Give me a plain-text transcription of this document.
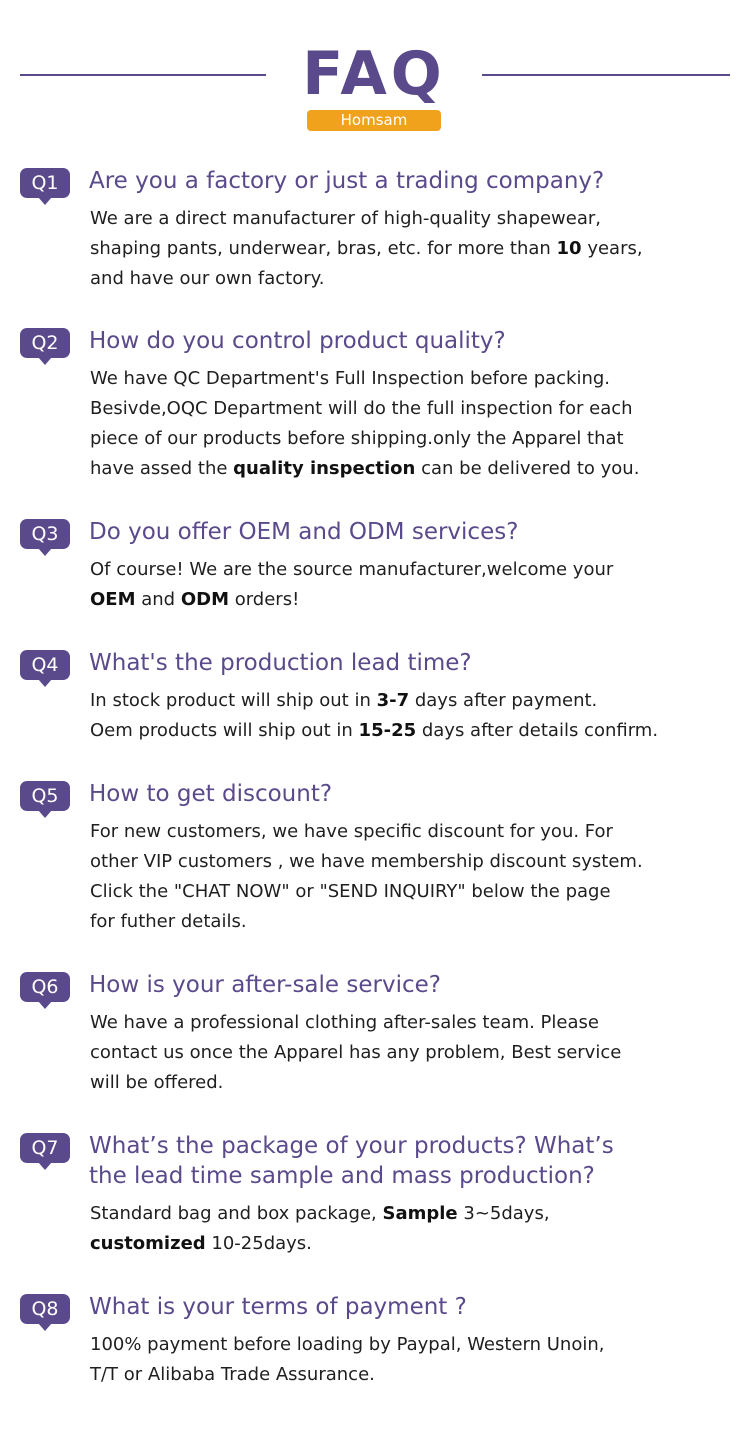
FAQ
Homsam
Q1	Are you a factory or just a trading company?
We are a direct manufacturer of high-quality shapewear,
shaping pants, underwear, bras, etc. for more than 10 years,
and have our own factory.
Q2	How do you control product quality?
We have QC Department's Full Inspection before packing.
Besivde,OQC Department will do the full inspection for each
piece of our products before shipping.only the Apparel that
have assed the quality inspection can be delivered to you.
Q3	Do you offer OEM and ODM services?
Of course! We are the source manufacturer,welcome your
OEM and ODM orders!
Q4	What's the production lead time?
In stock product will ship out in 3-7 days after payment.
Oem products will ship out in 15-25 days after details confirm.
Q5	How to get discount?
For new customers, we have specific discount for you. For
other VIP customers , we have membership discount system.
Click the "CHAT NOW" or "SEND INQUIRY" below the page
for futher details.
Q6	How is your after-sale service?
We have a professional clothing after-sales team. Please
contact us once the Apparel has any problem, Best service
will be offered.
Q7	What’s the package of your products? What’s
the lead time sample and mass production?
Standard bag and box package, Sample 3~5days,
customized 10-25days.
Q8	What is your terms of payment ?
100% payment before loading by Paypal, Western Unoin,
T/T or Alibaba Trade Assurance.
